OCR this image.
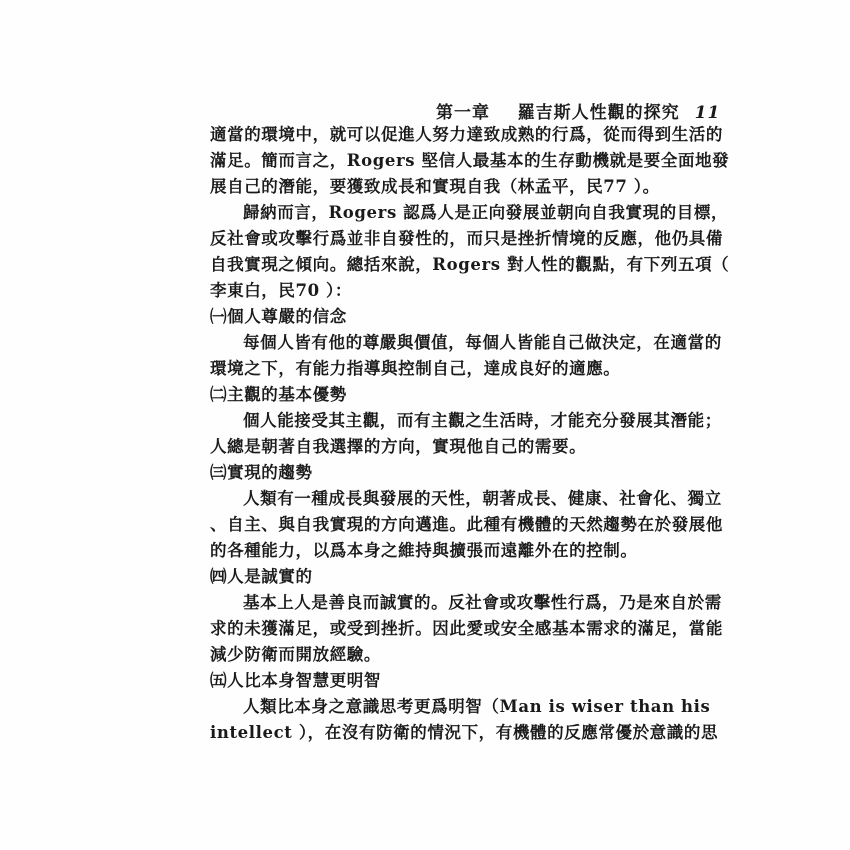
第一章 羅吉斯人性觀的探究 11
適當的環境中，就可以促進人努力達致成熟的行爲，從而得到生活的
滿足。簡而言之，Rogers 堅信人最基本的生存動機就是要全面地發
展自己的潛能，要獲致成長和實現自我（林孟平，民77 ）。
歸納而言，Rogers 認爲人是正向發展並朝向自我實現的目標，
反社會或攻擊行爲並非自發性的，而只是挫折情境的反應，他仍具備
自我實現之傾向。總括來說，Rogers 對人性的觀點，有下列五項（
李東白，民70 ）：
㈠個人尊嚴的信念
每個人皆有他的尊嚴與價值，每個人皆能自己做決定，在適當的
環境之下，有能力指導與控制自己，達成良好的適應。
㈡主觀的基本優勢
個人能接受其主觀，而有主觀之生活時，才能充分發展其潛能；
人總是朝著自我選擇的方向，實現他自己的需要。
㈢實現的趨勢
人類有一種成長與發展的天性，朝著成長、健康、社會化、獨立
、自主、與自我實現的方向邁進。此種有機體的天然趨勢在於發展他
的各種能力，以爲本身之維持與擴張而遠離外在的控制。
㈣人是誠實的
基本上人是善良而誠實的。反社會或攻擊性行爲，乃是來自於需
求的未獲滿足，或受到挫折。因此愛或安全感基本需求的滿足，當能
減少防衛而開放經驗。
㈤人比本身智慧更明智
人類比本身之意識思考更爲明智（Man is wiser than his
intellect ），在沒有防衛的情況下，有機體的反應常優於意識的思
